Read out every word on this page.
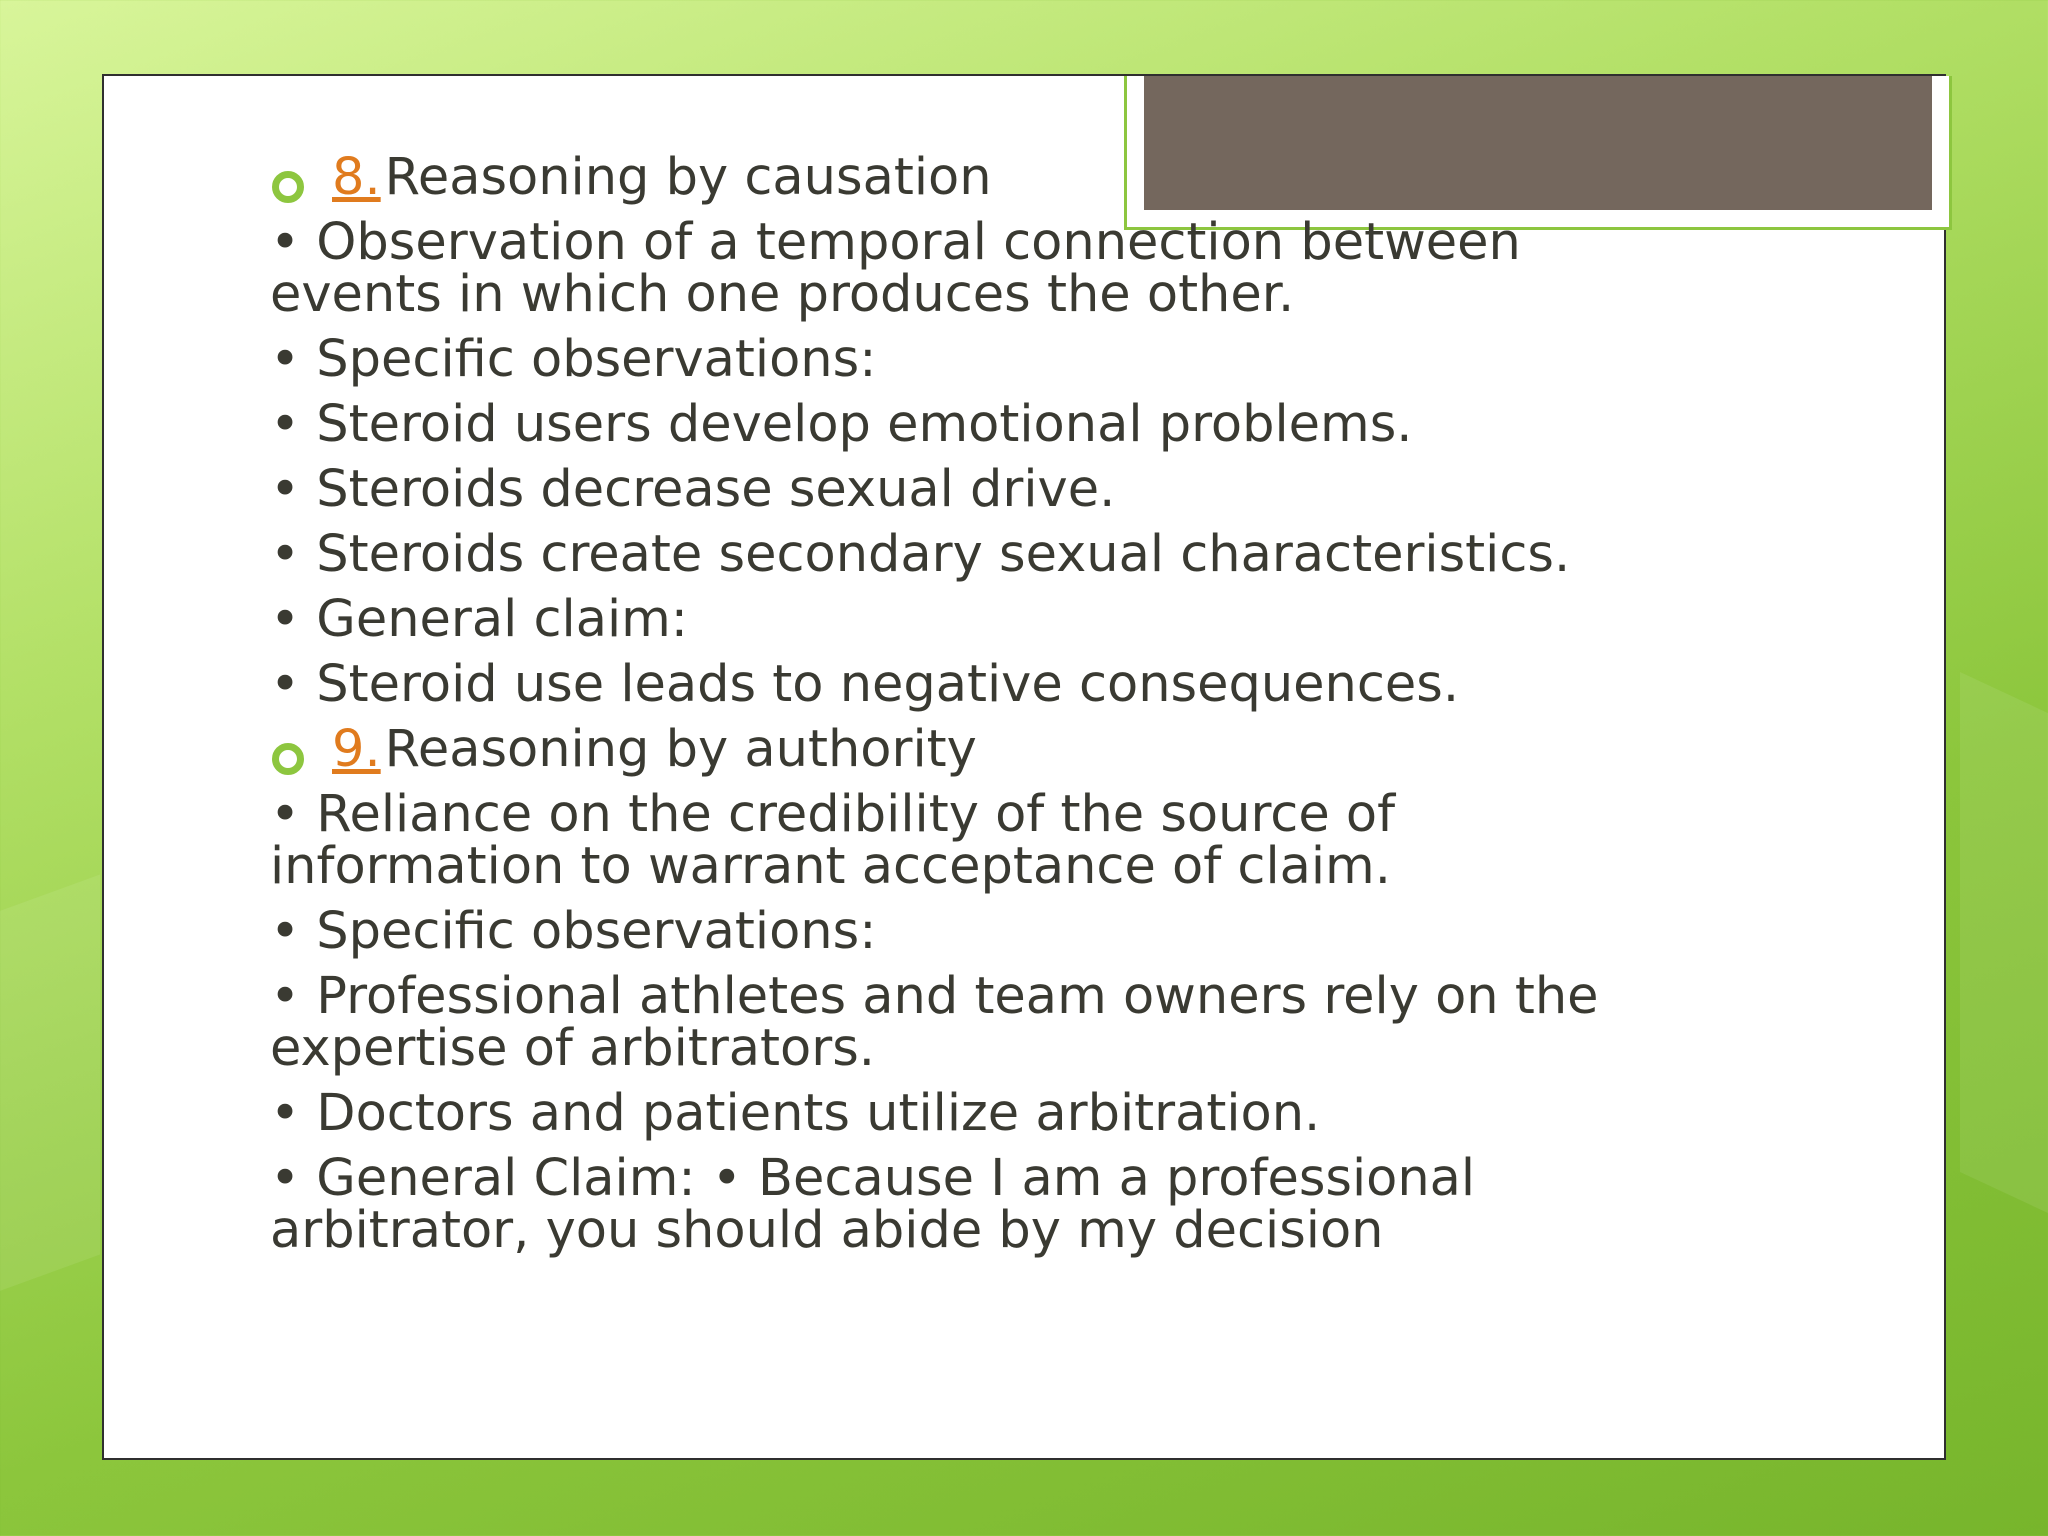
8.Reasoning by causation
• Observation of a temporal connection between events in which one produces the other.
• Specific observations:
• Steroid users develop emotional problems.
• Steroids decrease sexual drive.
• Steroids create secondary sexual characteristics.
• General claim:
• Steroid use leads to negative consequences.
9.Reasoning by authority
• Reliance on the credibility of the source of information to warrant acceptance of claim.
• Specific observations:
• Professional athletes and team owners rely on the expertise of arbitrators.
• Doctors and patients utilize arbitration.
• General Claim: • Because I am a professional arbitrator, you should abide by my decision
